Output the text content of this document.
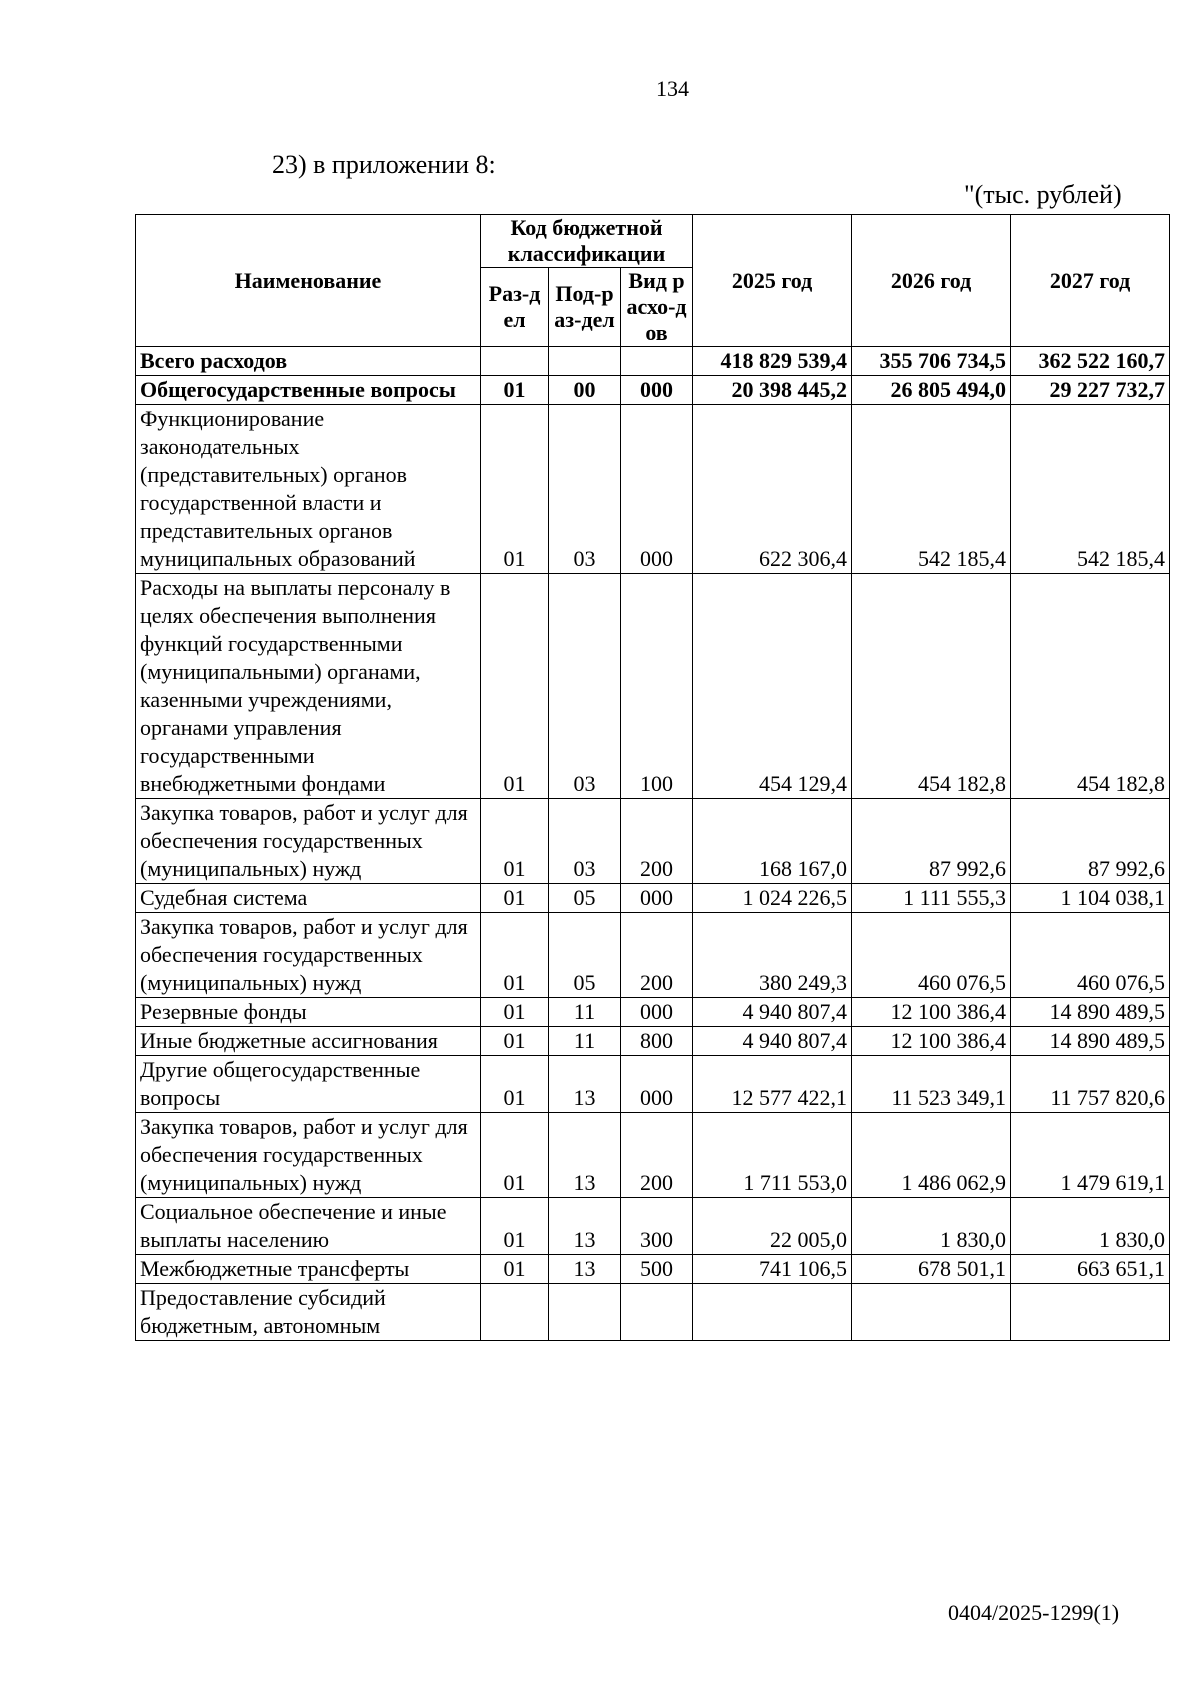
134
23) в приложении 8:
"(тыс. рублей)
Наименование	Код бюджетной классификации			2025 год	2026 год	2027 год
	Раз-дел	Под-раз-дел	Вид расхо-дов			
Всего расходов				418 829 539,4	355 706 734,5	362 522 160,7
Общегосударственные вопросы	01	00	000	20 398 445,2	26 805 494,0	29 227 732,7
Функционирование законодательных (представительных) органов государственной власти и представительных органов муниципальных образований	01	03	000	622 306,4	542 185,4	542 185,4
Расходы на выплаты персоналу в целях обеспечения выполнения функций государственными (муниципальными) органами, казенными учреждениями, органами управления государственными внебюджетными фондами	01	03	100	454 129,4	454 182,8	454 182,8
Закупка товаров, работ и услуг для обеспечения государственных (муниципальных) нужд	01	03	200	168 167,0	87 992,6	87 992,6
Судебная система	01	05	000	1 024 226,5	1 111 555,3	1 104 038,1
Закупка товаров, работ и услуг для обеспечения государственных (муниципальных) нужд	01	05	200	380 249,3	460 076,5	460 076,5
Резервные фонды	01	11	000	4 940 807,4	12 100 386,4	14 890 489,5
Иные бюджетные ассигнования	01	11	800	4 940 807,4	12 100 386,4	14 890 489,5
Другие общегосударственные вопросы	01	13	000	12 577 422,1	11 523 349,1	11 757 820,6
Закупка товаров, работ и услуг для обеспечения государственных (муниципальных) нужд	01	13	200	1 711 553,0	1 486 062,9	1 479 619,1
Социальное обеспечение и иные выплаты населению	01	13	300	22 005,0	1 830,0	1 830,0
Межбюджетные трансферты	01	13	500	741 106,5	678 501,1	663 651,1
Предоставление субсидий бюджетным, автономным						
0404/2025-1299(1)
